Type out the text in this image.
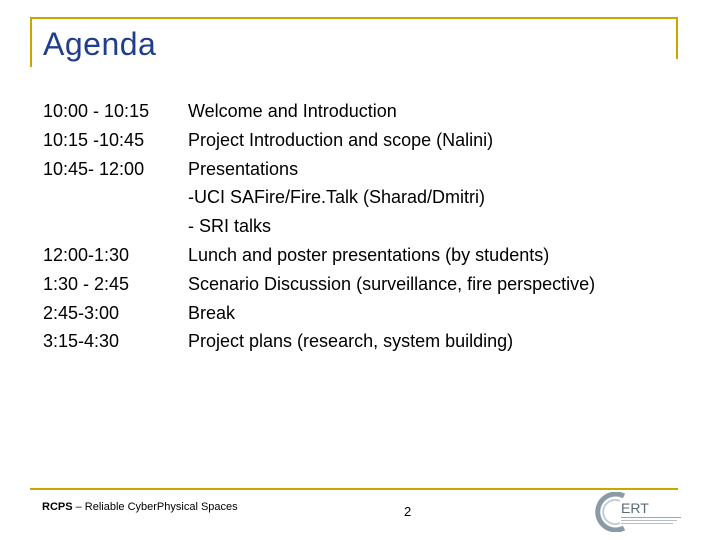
Agenda
10:00 - 10:15	Welcome and Introduction
10:15 -10:45	Project Introduction and scope (Nalini)
10:45- 12:00	Presentations
-UCI SAFire/Fire.Talk (Sharad/Dmitri)
- SRI talks
12:00-1:30	Lunch and poster presentations (by students)
1:30 - 2:45	Scenario Discussion (surveillance, fire perspective)
2:45-3:00	Break
3:15-4:30	Project plans (research, system building)
RCPS – Reliable CyberPhysical Spaces	2	ERT
